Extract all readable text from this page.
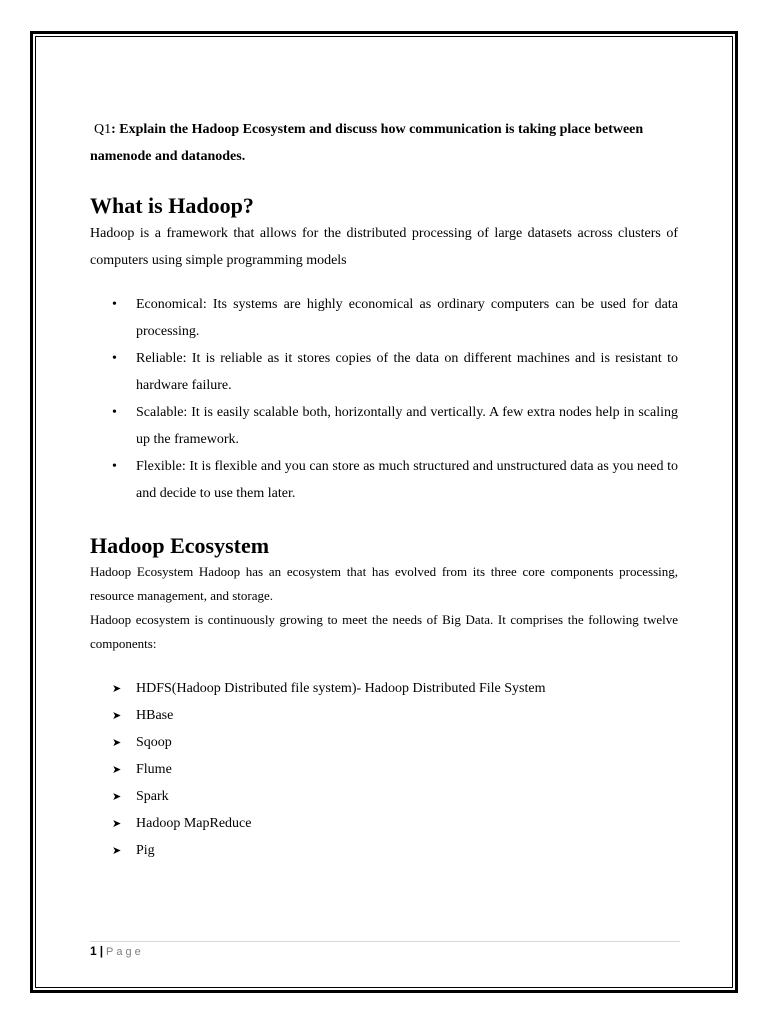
Q1: Explain the Hadoop Ecosystem and discuss how communication is taking place between namenode and datanodes.

What is Hadoop?

Hadoop is a framework that allows for the distributed processing of large datasets across clusters of computers using simple programming models

• Economical: Its systems are highly economical as ordinary computers can be used for data processing.
• Reliable: It is reliable as it stores copies of the data on different machines and is resistant to hardware failure.
• Scalable: It is easily scalable both, horizontally and vertically. A few extra nodes help in scaling up the framework.
• Flexible: It is flexible and you can store as much structured and unstructured data as you need to and decide to use them later.
Hadoop Ecosystem

Hadoop Ecosystem Hadoop has an ecosystem that has evolved from its three core components processing, resource management, and storage.

Hadoop ecosystem is continuously growing to meet the needs of Big Data. It comprises the following twelve components:

➤ HDFS(Hadoop Distributed file system)- Hadoop Distributed File System
➤ HBase
➤ Sqoop
➤ Flume
➤ Spark
➤ Hadoop MapReduce
➤ Pig
1 | Page
